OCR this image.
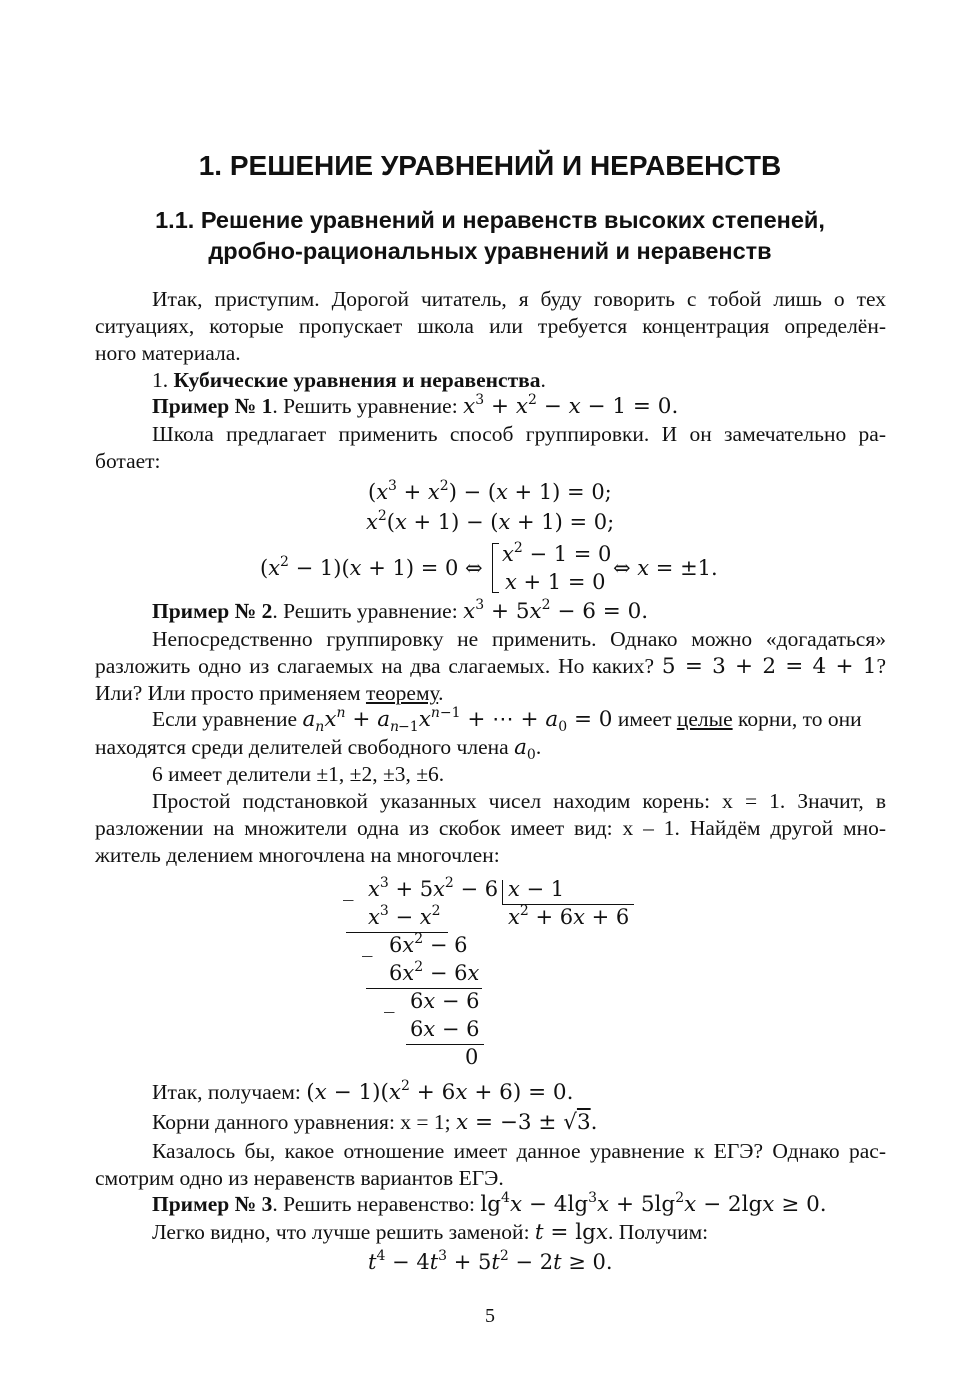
1. РЕШЕНИЕ УРАВНЕНИЙ И НЕРАВЕНСТВ
1.1. Решение уравнений и неравенств высоких степеней,
дробно-рациональных уравнений и неравенств
Итак, приступим. Дорогой читатель, я буду говорить с тобой лишь о тех
ситуациях, которые пропускает школа или требуется концентрация определён-
ного материала.
1. Кубические уравнения и неравенства.
Пример № 1. Решить уравнение: $x^3 + x^2 - x - 1 = 0$.
Школа предлагает применить способ группировки. И он замечательно ра-
ботает:
$(x^3 + x^2) - (x + 1) = 0$;
$x^2(x + 1) - (x + 1) = 0$;
$(x^2 - 1)(x + 1) = 0$ ⇔
$x^2 - 1 = 0$
x + 1 = 0
⇔ x = ±1.
Пример № 2. Решить уравнение: $x^3 + 5x^2 - 6 = 0$.
Непосредственно группировку не применить. Однако можно «догадаться»
разложить одно из слагаемых на два слагаемых. Но каких? 5 = 3 + 2 = 4 + 1?
Или? Или просто применяем теорему.
Если уравнение $a_nx^n + a_{n-1}x^{n-1}$ + ⋯ + $a_0 = 0$ имеет целые корни, то они
находятся среди делителей свободного члена $a_0$.
6 имеет делители ±1, ±2, ±3, ±6.
Простой подстановкой указанных чисел находим корень: x = 1. Значит, в
разложении на множители одна из скобок имеет вид: x – 1. Найдём другой мно-
житель делением многочлена на многочлен:
_ $x^3 + 5x^2 - 6$ x − 1
$x^3 - x^2$	$x^2 + 6x + 6$
_ $6x^2 - 6$
$6x^2 - 6x$
_ 6x − 6
6x − 6
0
Итак, получаем: $(x - 1)(x^2 + 6x + 6) = 0$.
Корни данного уравнения: x = 1; x = −3 ± √3.
Казалось бы, какое отношение имеет данное уравнение к ЕГЭ? Однако рас-
смотрим одно из неравенств вариантов ЕГЭ.
Пример № 3. Решить неравенство: $\lg^4x - 4\lg^3x + 5\lg^2x - 2\lg x \ge 0$.
Легко видно, что лучше решить заменой: t = lgx. Получим:
$t^4 - 4t^3 + 5t^2 - 2t \ge 0$.
5
